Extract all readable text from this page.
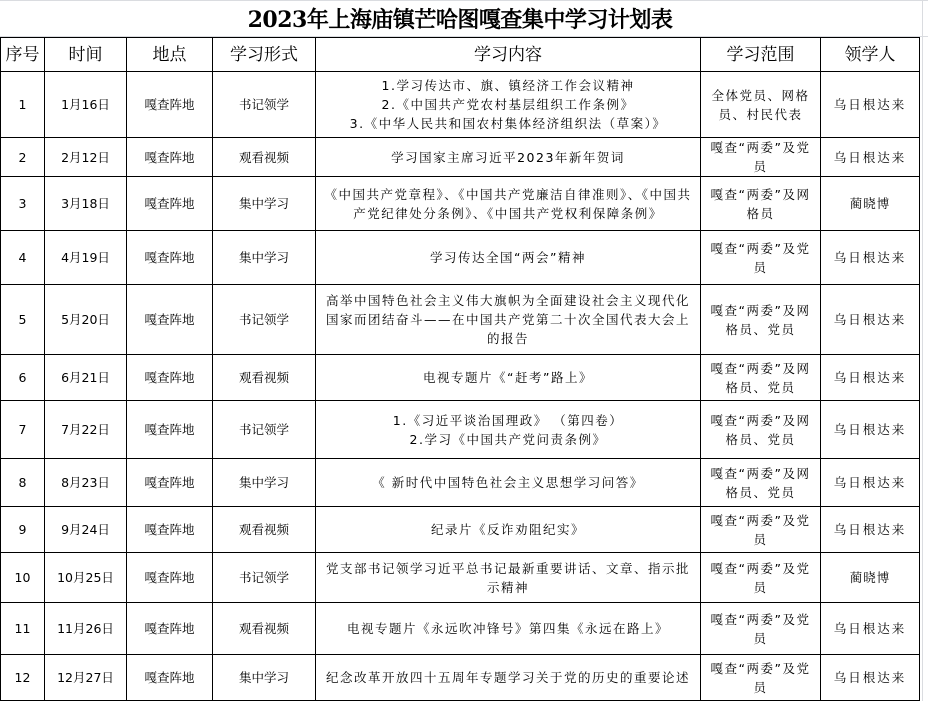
2023年上海庙镇芒哈图嘎查集中学习计划表
序号	时间	地点	学习形式	学习内容	学习范围	领学人
1	1月16日	嘎查阵地	书记领学	1.学习传达市、旗、镇经济工作会议精神
2.《中国共产党农村基层组织工作条例》
3.《中华人民共和国农村集体经济组织法（草案）》	全体党员、网格员、村民代表	乌日根达来
2	2月12日	嘎查阵地	观看视频	学习国家主席习近平2023年新年贺词	嘎查“两委”及党员	乌日根达来
3	3月18日	嘎查阵地	集中学习	《中国共产党章程》、《中国共产党廉洁自律准则》、《中国共产党纪律处分条例》、《中国共产党权利保障条例》	嘎查“两委”及网格员	蔺晓博
4	4月19日	嘎查阵地	集中学习	学习传达全国“两会”精神	嘎查“两委”及党员	乌日根达来
5	5月20日	嘎查阵地	书记领学	高举中国特色社会主义伟大旗帜为全面建设社会主义现代化国家而团结奋斗——在中国共产党第二十次全国代表大会上的报告	嘎查“两委”及网格员、党员	乌日根达来
6	6月21日	嘎查阵地	观看视频	电视专题片《“赶考”路上》	嘎查“两委”及网格员、党员	乌日根达来
7	7月22日	嘎查阵地	书记领学	1.《习近平谈治国理政》 （第四卷）
2.学习《中国共产党问责条例》	嘎查“两委”及网格员、党员	乌日根达来
8	8月23日	嘎查阵地	集中学习	《 新时代中国特色社会主义思想学习问答》	嘎查“两委”及网格员、党员	乌日根达来
9	9月24日	嘎查阵地	观看视频	纪录片《反诈劝阻纪实》	嘎查“两委”及党员	乌日根达来
10	10月25日	嘎查阵地	书记领学	党支部书记领学习近平总书记最新重要讲话、文章、指示批示精神	嘎查“两委”及党员	蔺晓博
11	11月26日	嘎查阵地	观看视频	电视专题片《永远吹冲锋号》第四集《永远在路上》	嘎查“两委”及党员	乌日根达来
12	12月27日	嘎查阵地	集中学习	纪念改革开放四十五周年专题学习关于党的历史的重要论述	嘎查“两委”及党员	乌日根达来
